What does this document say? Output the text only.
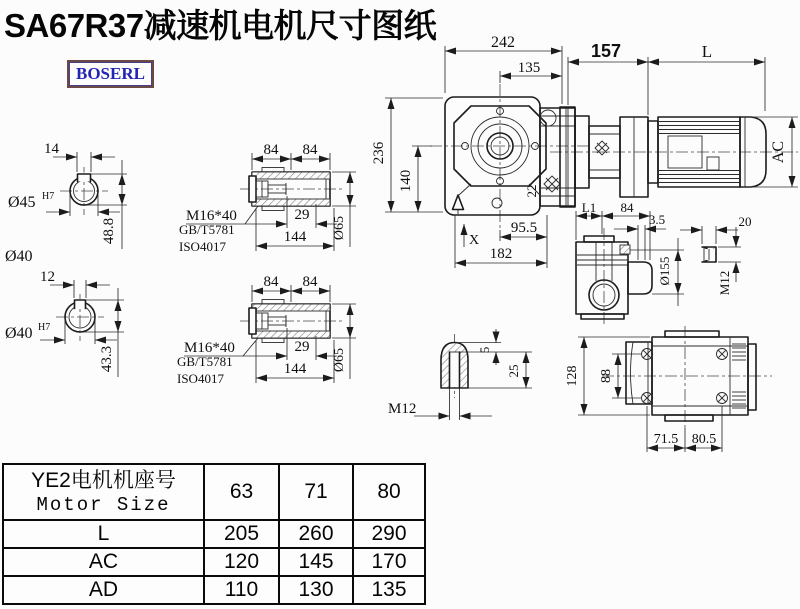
SA67R37减速机电机尺寸图纸
BOSERL
14
48.8
Ø45 H7
Ø40
12
43.3
Ø40 H7
84 84
29
144 Ø65
M16*40
GB/T5781
ISO4017
84 84
29
144 Ø65
M16*40
GB/T5781
ISO4017
22
242
135
236
140
95.5
182
X
157	L
AC
L1 84
3.5
Ø155
20
M12
5
25
M12
128 88
71.5 80.5
YE2电机机座号
Motor Size	63	71	80
L	205	260	290
AC	120	145	170
AD	110	130	135
